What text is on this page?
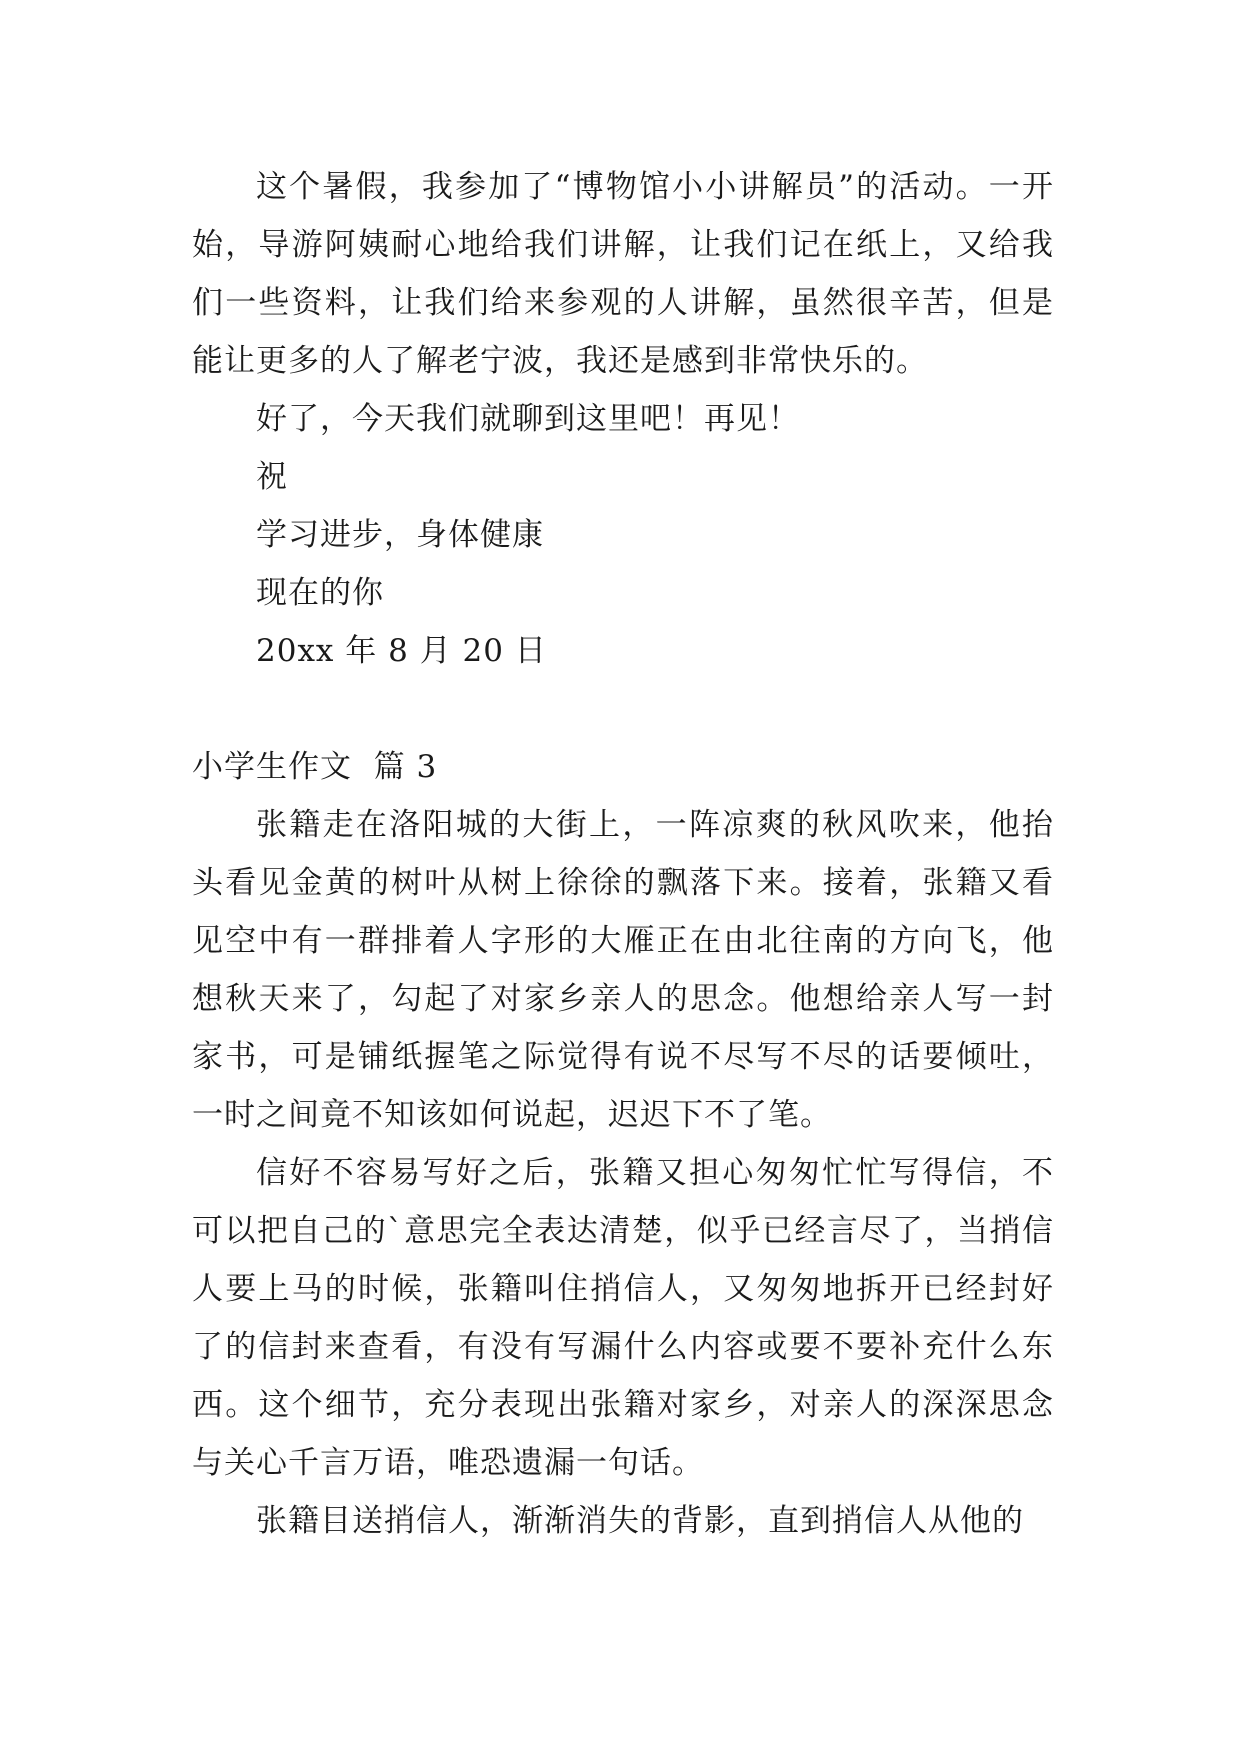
这个暑假，我参加了“博物馆小小讲解员”的活动。一开始，导游阿姨耐心地给我们讲解，让我们记在纸上，又给我们一些资料，让我们给来参观的人讲解，虽然很辛苦，但是能让更多的人了解老宁波，我还是感到非常快乐的。

好了，今天我们就聊到这里吧！再见！

祝

学习进步，身体健康

现在的你

20xx 年 8 月 20 日

小学生作文  篇 3

张籍走在洛阳城的大街上，一阵凉爽的秋风吹来，他抬头看见金黄的树叶从树上徐徐的飘落下来。接着，张籍又看见空中有一群排着人字形的大雁正在由北往南的方向飞，他想秋天来了，勾起了对家乡亲人的思念。他想给亲人写一封家书，可是铺纸握笔之际觉得有说不尽写不尽的话要倾吐，一时之间竟不知该如何说起，迟迟下不了笔。

信好不容易写好之后，张籍又担心匆匆忙忙写得信，不可以把自己的`意思完全表达清楚，似乎已经言尽了，当捎信人要上马的时候，张籍叫住捎信人，又匆匆地拆开已经封好了的信封来查看，有没有写漏什么内容或要不要补充什么东西。这个细节，充分表现出张籍对家乡，对亲人的深深思念与关心千言万语，唯恐遗漏一句话。

张籍目送捎信人，渐渐消失的背影，直到捎信人从他的
